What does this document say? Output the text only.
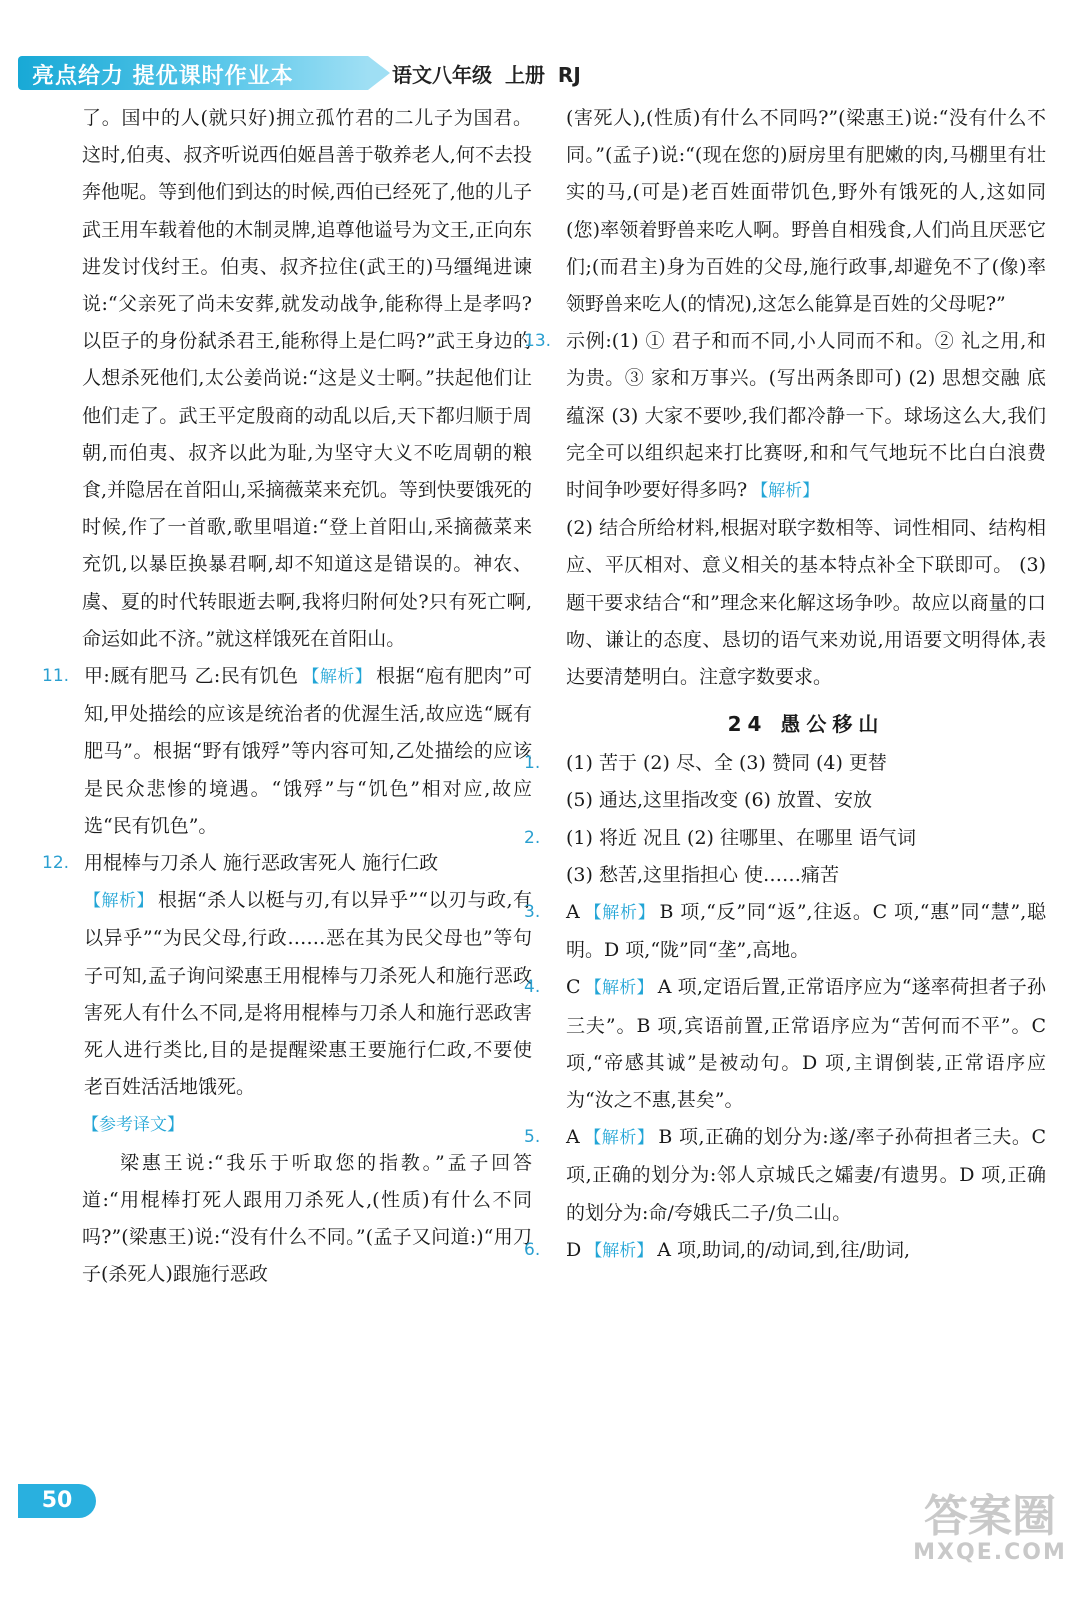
亮点给力 提优课时作业本	语文八年级 上册 RJ

了。国中的人(就只好)拥立孤竹君的二儿子为国君。这时,伯夷、叔齐听说西伯姬昌善于敬养老人,何不去投奔他呢。等到他们到达的时候,西伯已经死了,他的儿子武王用车载着他的木制灵牌,追尊他谥号为文王,正向东进发讨伐纣王。伯夷、叔齐拉住(武王的)马缰绳进谏说:“父亲死了尚未安葬,就发动战争,能称得上是孝吗?以臣子的身份弑杀君王,能称得上是仁吗?”武王身边的人想杀死他们,太公姜尚说:“这是义士啊。”扶起他们让他们走了。武王平定殷商的动乱以后,天下都归顺于周朝,而伯夷、叔齐以此为耻,为坚守大义不吃周朝的粮食,并隐居在首阳山,采摘薇菜来充饥。等到快要饿死的时候,作了一首歌,歌里唱道:“登上首阳山,采摘薇菜来充饥,以暴臣换暴君啊,却不知道这是错误的。神农、虞、夏的时代转眼逝去啊,我将归附何处?只有死亡啊,命运如此不济。”就这样饿死在首阳山。

11. 甲:厩有肥马 乙:民有饥色 【解析】 根据“庖有肥肉”可知,甲处描绘的应该是统治者的优渥生活,故应选“厩有肥马”。根据“野有饿殍”等内容可知,乙处描绘的应该是民众悲惨的境遇。“饿殍”与“饥色”相对应,故应选“民有饥色”。

12. 用棍棒与刀杀人 施行恶政害死人 施行仁政
【解析】 根据“杀人以梃与刃,有以异乎”“以刃与政,有以异乎”“为民父母,行政……恶在其为民父母也”等句子可知,孟子询问梁惠王用棍棒与刀杀死人和施行恶政害死人有什么不同,是将用棍棒与刀杀人和施行恶政害死人进行类比,目的是提醒梁惠王要施行仁政,不要使老百姓活活地饿死。

【参考译文】

梁惠王说:“我乐于听取您的指教。”孟子回答道:“用棍棒打死人跟用刀杀死人,(性质)有什么不同吗?”(梁惠王)说:“没有什么不同。”(孟子又问道:)“用刀子(杀死人)跟施行恶政

(害死人),(性质)有什么不同吗?”(梁惠王)说:“没有什么不同。”(孟子)说:“(现在您的)厨房里有肥嫩的肉,马棚里有壮实的马,(可是)老百姓面带饥色,野外有饿死的人,这如同(您)率领着野兽来吃人啊。野兽自相残食,人们尚且厌恶它们;(而君主)身为百姓的父母,施行政事,却避免不了(像)率领野兽来吃人(的情况),这怎么能算是百姓的父母呢?”

13. 示例:(1) ① 君子和而不同,小人同而不和。② 礼之用,和为贵。③ 家和万事兴。(写出两条即可) (2) 思想交融 底蕴深 (3) 大家不要吵,我们都冷静一下。球场这么大,我们完全可以组织起来打比赛呀,和和气气地玩不比白白浪费时间争吵要好得多吗? 【解析】
(2) 结合所给材料,根据对联字数相等、词性相同、结构相应、平仄相对、意义相关的基本特点补全下联即可。 (3) 题干要求结合“和”理念来化解这场争吵。故应以商量的口吻、谦让的态度、恳切的语气来劝说,用语要文明得体,表达要清楚明白。注意字数要求。

24 愚公移山
1. (1) 苦于 (2) 尽、全 (3) 赞同 (4) 更替
(5) 通达,这里指改变 (6) 放置、安放

2. (1) 将近 况且 (2) 往哪里、在哪里 语气词
(3) 愁苦,这里指担心 使……痛苦

3. A 【解析】 B 项,“反”同“返”,往返。C 项,“惠”同“慧”,聪明。D 项,“陇”同“垄”,高地。

4. C 【解析】 A 项,定语后置,正常语序应为“遂率荷担者子孙三夫”。B 项,宾语前置,正常语序应为“苦何而不平”。C 项,“帝感其诚”是被动句。D 项,主谓倒装,正常语序应为“汝之不惠,甚矣”。

5. A 【解析】 B 项,正确的划分为:遂/率子孙荷担者三夫。C 项,正确的划分为:邻人京城氏之孀妻/有遗男。D 项,正确的划分为:命/夸娥氏二子/负二山。

6. D 【解析】 A 项,助词,的/动词,到,往/助词,

50	答案圈
MXQE.COM
